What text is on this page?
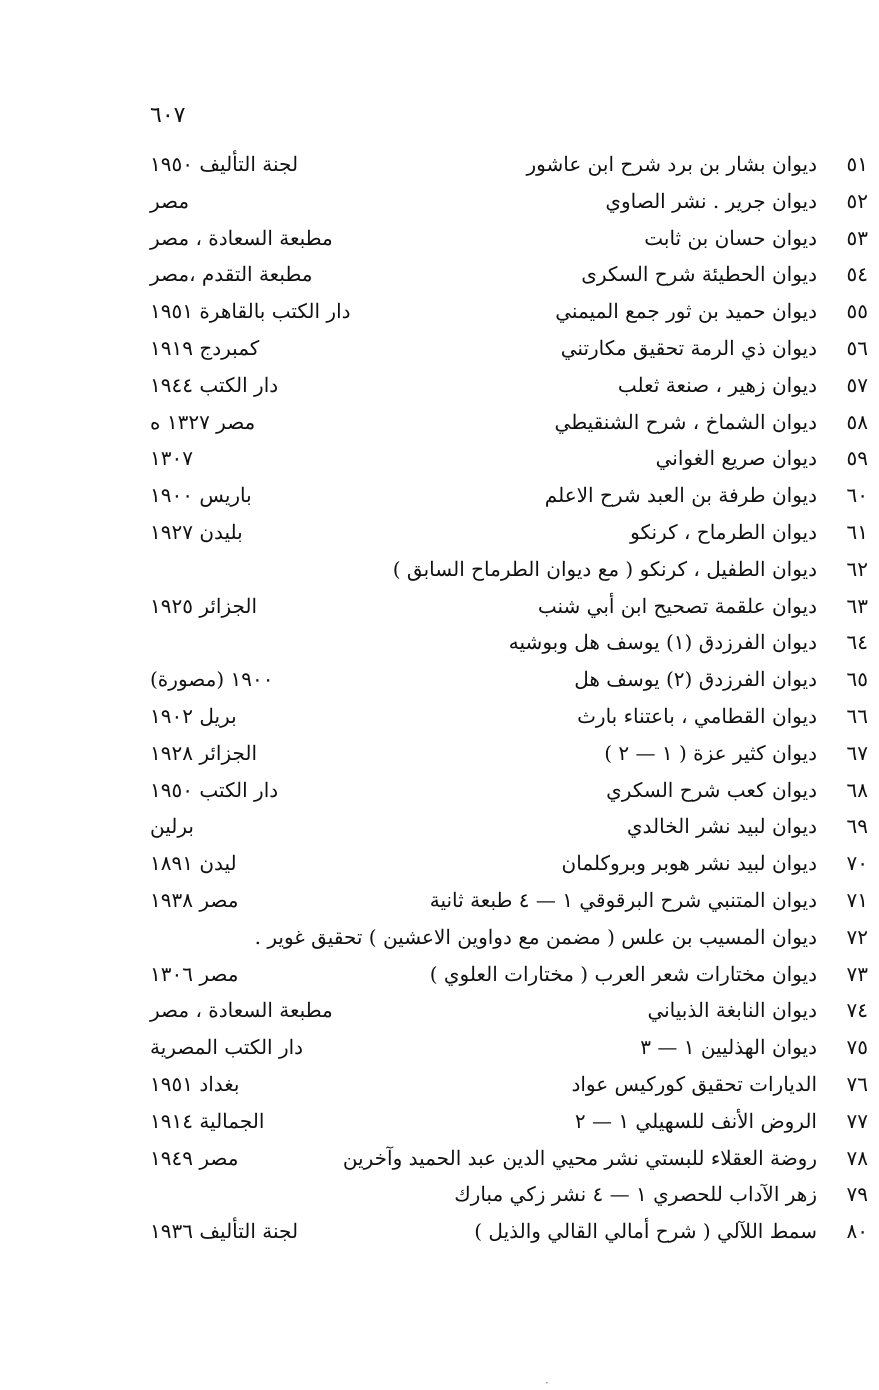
٦٠٧
٥١
ديوان بشار بن برد شرح ابن عاشور
لجنة التأليف ١٩٥٠
٥٢
ديوان جرير . نشر الصاوي
مصر
٥٣
ديوان حسان بن ثابت
مطبعة السعادة ، مصر
٥٤
ديوان الحطيئة شرح السكرى
مطبعة التقدم ،مصر
٥٥
ديوان حميد بن ثور جمع الميمني
دار الكتب بالقاهرة ١٩٥١
٥٦
ديوان ذي الرمة تحقيق مكارتني
كمبردج ١٩١٩
٥٧
ديوان زهير ، صنعة ثعلب
دار الكتب ١٩٤٤
٥٨
ديوان الشماخ ، شرح الشنقيطي
مصر ١٣٢٧ ه
٥٩
ديوان صريع الغواني
١٣٠٧
٦٠
ديوان طرفة بن العبد شرح الاعلم
باريس ١٩٠٠
٦١
ديوان الطرماح ، كرنكو
بليدن ١٩٢٧
٦٢
ديوان الطفيل ، كرنكو ( مع ديوان الطرماح السابق )
٦٣
ديوان علقمة تصحيح ابن أبي شنب
الجزائر ١٩٢٥
٦٤
ديوان الفرزدق (١) يوسف هل وبوشيه
٦٥
ديوان الفرزدق (٢) يوسف هل
١٩٠٠ (مصورة)
٦٦
ديوان القطامي ، باعتناء بارث
بريل ١٩٠٢
٦٧
ديوان كثير عزة ( ١ — ٢ )
الجزائر ١٩٢٨
٦٨
ديوان كعب شرح السكري
دار الكتب ١٩٥٠
٦٩
ديوان لبيد نشر الخالدي
برلين
٧٠
ديوان لبيد نشر هوبر وبروكلمان
ليدن ١٨٩١
٧١
ديوان المتنبي شرح البرقوقي ١ — ٤ طبعة ثانية
مصر ١٩٣٨
٧٢
ديوان المسيب بن علس ( مضمن مع دواوين الاعشين ) تحقيق غوير .
٧٣
ديوان مختارات شعر العرب ( مختارات العلوي )
مصر ١٣٠٦
٧٤
ديوان النابغة الذبياني
مطبعة السعادة ، مصر
٧٥
ديوان الهذليين ١ — ٣
دار الكتب المصرية
٧٦
الديارات تحقيق كوركيس عواد
بغداد ١٩٥١
٧٧
الروض الأنف للسهيلي ١ — ٢
الجمالية ١٩١٤
٧٨
روضة العقلاء للبستي نشر محيي الدين عبد الحميد وآخرين
مصر ١٩٤٩
٧٩
زهر الآداب للحصري ١ — ٤ نشر زكي مبارك
٨٠
سمط اللآلي ( شرح أمالي القالي والذيل )
لجنة التأليف ١٩٣٦
·
